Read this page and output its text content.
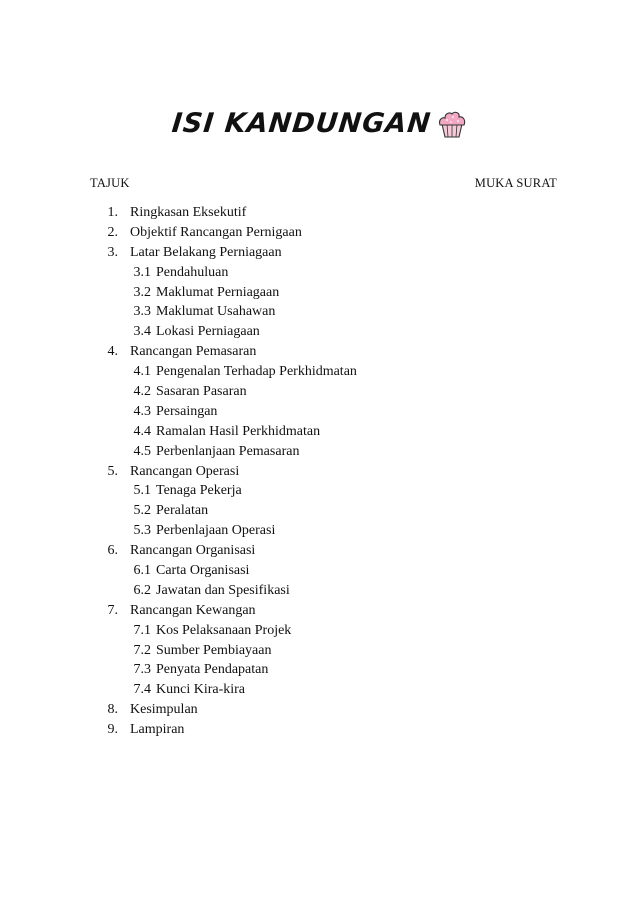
ISI KANDUNGAN
TAJUK	MUKA SURAT
1. Ringkasan Eksekutif
2. Objektif Rancangan Pernigaan
3. Latar Belakang Perniagaan
3.1 Pendahuluan
3.2 Maklumat Perniagaan
3.3 Maklumat Usahawan
3.4 Lokasi Perniagaan
4. Rancangan Pemasaran
4.1 Pengenalan Terhadap Perkhidmatan
4.2 Sasaran Pasaran
4.3 Persaingan
4.4 Ramalan Hasil Perkhidmatan
4.5 Perbenlanjaan Pemasaran
5. Rancangan Operasi
5.1 Tenaga Pekerja
5.2 Peralatan
5.3 Perbenlajaan Operasi
6. Rancangan Organisasi
6.1 Carta Organisasi
6.2 Jawatan dan Spesifikasi
7. Rancangan Kewangan
7.1 Kos Pelaksanaan Projek
7.2 Sumber Pembiayaan
7.3 Penyata Pendapatan
7.4 Kunci Kira-kira
8. Kesimpulan
9. Lampiran
